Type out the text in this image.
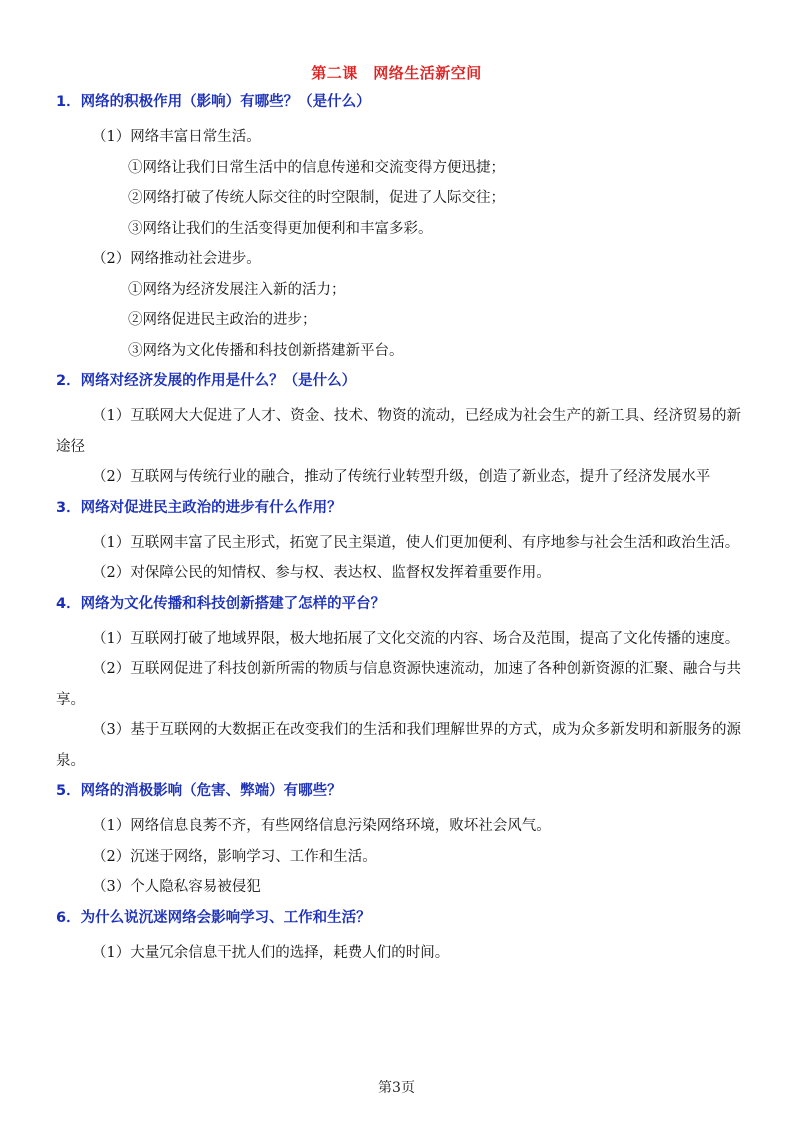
第二课　网络生活新空间
1．网络的积极作用（影响）有哪些？（是什么）

（1）网络丰富日常生活。

①网络让我们日常生活中的信息传递和交流变得方便迅捷；

②网络打破了传统人际交往的时空限制，促进了人际交往；

③网络让我们的生活变得更加便利和丰富多彩。

（2）网络推动社会进步。

①网络为经济发展注入新的活力；

②网络促进民主政治的进步；

③网络为文化传播和科技创新搭建新平台。

2．网络对经济发展的作用是什么？（是什么）

（1）互联网大大促进了人才、资金、技术、物资的流动，已经成为社会生产的新工具、经济贸易的新途径

（2）互联网与传统行业的融合，推动了传统行业转型升级，创造了新业态，提升了经济发展水平

3．网络对促进民主政治的进步有什么作用？

（1）互联网丰富了民主形式，拓宽了民主渠道，使人们更加便利、有序地参与社会生活和政治生活。

（2）对保障公民的知情权、参与权、表达权、监督权发挥着重要作用。

4．网络为文化传播和科技创新搭建了怎样的平台？

（1）互联网打破了地域界限，极大地拓展了文化交流的内容、场合及范围，提高了文化传播的速度。

（2）互联网促进了科技创新所需的物质与信息资源快速流动，加速了各种创新资源的汇聚、融合与共享。

（3）基于互联网的大数据正在改变我们的生活和我们理解世界的方式，成为众多新发明和新服务的源泉。

5．网络的消极影响（危害、弊端）有哪些？

（1）网络信息良莠不齐，有些网络信息污染网络环境，败坏社会风气。

（2）沉迷于网络，影响学习、工作和生活。

（3）个人隐私容易被侵犯

6．为什么说沉迷网络会影响学习、工作和生活？

（1）大量冗余信息干扰人们的选择，耗费人们的时间。

第3页
